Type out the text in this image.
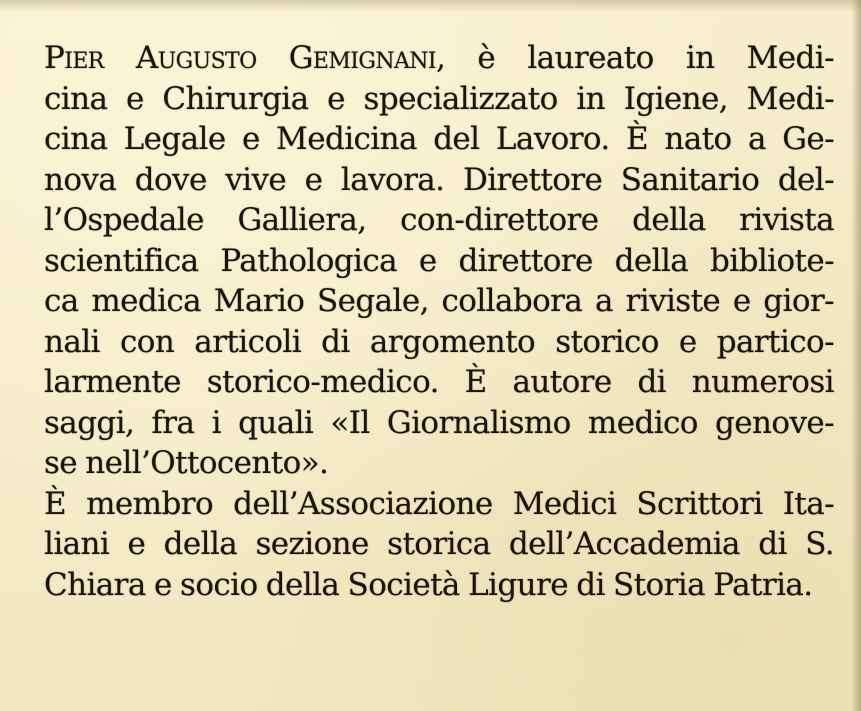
Pier Augusto Gemignani, è laureato in Medi-
cina e Chirurgia e specializzato in Igiene, Medi-
cina Legale e Medicina del Lavoro. È nato a Ge-
nova dove vive e lavora. Direttore Sanitario del-
l’Ospedale Galliera, con-direttore della rivista
scientifica Pathologica e direttore della bibliote-
ca medica Mario Segale, collabora a riviste e gior-
nali con articoli di argomento storico e partico-
larmente storico-medico. È autore di numerosi
saggi, fra i quali «Il Giornalismo medico genove-
se nell’Ottocento».
È membro dell’Associazione Medici Scrittori Ita-
liani e della sezione storica dell’Accademia di S.
Chiara e socio della Società Ligure di Storia Patria.
